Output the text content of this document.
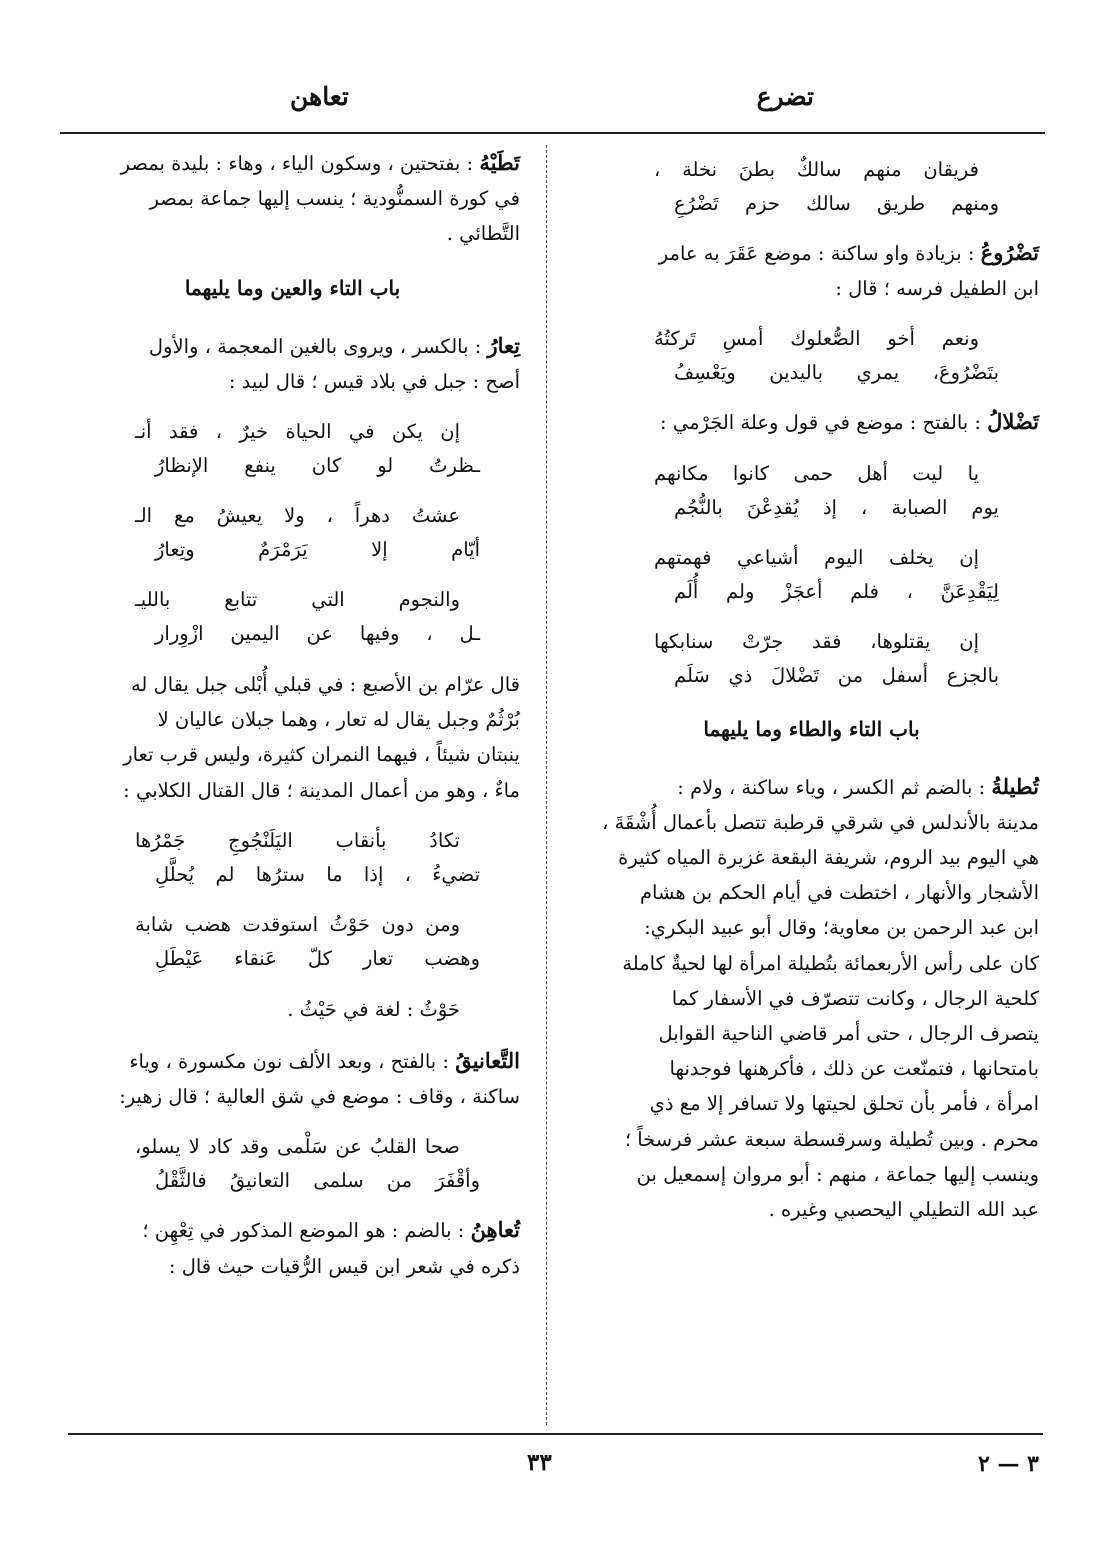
تضرع
تعاهن
فريقان منهم سالكٌ بطنَ نخلة ،
ومنهم طريق سالك حزم تَضْرُعِ

تَضْرُوعُ : بزيادة واو ساكنة : موضع عَقَرَ به عامر

ابن الطفيل فرسه ؛ قال :

ونعم أخو الصُّعلوك أمسِ تَركتُهُ
بتَضْرُوعَ، يمري باليدين ويَعْسِفُ

تَضْلالُ : بالفتح : موضع في قول وعلة الجَرْمي :

يا ليت أهل حمى كانوا مكانهم
يوم الصبابة ، إذ يُقدِعْنَ بالنُّجُم
إن يخلف اليوم أشياعي فهمتهم
لِيَقْدِعَنَّ ، فلم أعجَزْ ولم أُلَم
إن يقتلوها، فقد جرّتْ سنابكها
بالجزع أسفل من تَضْلالَ ذي سَلَم
باب التاء والطاء وما يليهما

تُطيلةُ : بالضم ثم الكسر ، وياء ساكنة ، ولام :

مدينة بالأندلس في شرقي قرطبة تتصل بأعمال أُشْقَةَ ،

هي اليوم بيد الروم، شريفة البقعة غزيرة المياه كثيرة

الأشجار والأنهار ، اختطت في أيام الحكم بن هشام

ابن عبد الرحمن بن معاوية؛ وقال أبو عبيد البكري:

كان على رأس الأربعمائة بتُطيلة امرأة لها لحيةٌ كاملة

كلحية الرجال ، وكانت تتصرّف في الأسفار كما

يتصرف الرجال ، حتى أمر قاضي الناحية القوابل

بامتحانها ، فتمنّعت عن ذلك ، فأكرهنها فوجدنها

امرأة ، فأمر بأن تحلق لحيتها ولا تسافر إلا مع ذي

محرم . وبين تُطيلة وسرقسطة سبعة عشر فرسخاً ؛

وينسب إليها جماعة ، منهم : أبو مروان إسمعيل بن

عبد الله التطيلي اليحصبي وغيره .

تَطَيْهُ : بفتحتين ، وسكون الياء ، وهاء : بليدة بمصر

في كورة السمنُّودية ؛ ينسب إليها جماعة بمصر

التَّطائي .

باب التاء والعين وما يليهما

تِعارُ : بالكسر ، ويروى بالغين المعجمة ، والأول

أصح : جبل في بلاد قيس ؛ قال لبيد :

إن يكن في الحياة خيرٌ ، فقد أنـ
ـظرتُ لو كان ينفع الإنظارُ
عشتُ دهراً ، ولا يعيشُ مع الـ
أيّام إلا يَرَمْرَمٌ وتِعارُ
والنجوم التي تتابع بالليـ
ـل ، وفيها عن اليمين ازْوِرار

قال عرّام بن الأصبع : في قبلي أُبْلى جبل يقال له

بُرْثُمٌ وجبل يقال له تعار ، وهما جبلان عاليان لا

ينبتان شيئاً ، فيهما النمران كثيرة، وليس قرب تعار

ماءٌ ، وهو من أعمال المدينة ؛ قال القتال الكلابي :

تكادُ بأنقاب اليَلَنْجُوجِ جَمْرُها
تضيءُ ، إذا ما سترُها لم يُحلَّلِ
ومن دون حَوْثُ استوقدت هضب شابة
وهضب تعار كلّ عَنقاء عَيْطَلِ

حَوْثُ : لغة في حَيْثُ .

التَّعانيقُ : بالفتح ، وبعد الألف نون مكسورة ، وياء

ساكنة ، وقاف : موضع في شق العالية ؛ قال زهير:

صحا القلبُ عن سَلْمى وقد كاد لا يسلو،
وأقْفَرَ من سلمى التعانيقُ فالثَّقْلُ

تُعاهِنُ : بالضم : هو الموضع المذكور في تِعْهِن ؛

ذكره في شعر ابن قيس الرُّقيات حيث قال :

٣٣	٣ — ٢
